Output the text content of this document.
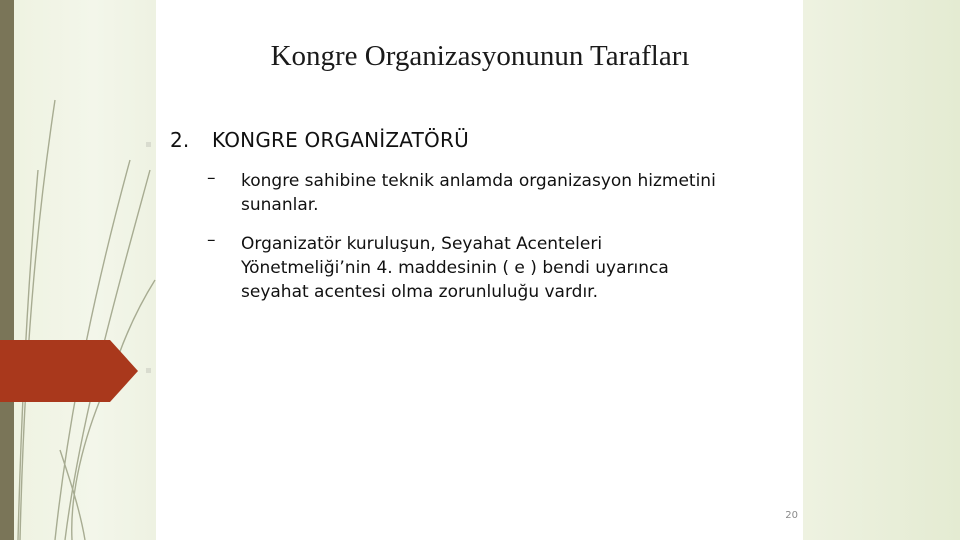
Kongre Organizasyonunun Tarafları
2. KONGRE ORGANİZATÖRÜ
– kongre sahibine teknik anlamda organizasyon hizmetini
sunanlar.
– Organizatör kuruluşun, Seyahat Acenteleri
Yönetmeliği’nin 4. maddesinin ( e ) bendi uyarınca
seyahat acentesi olma zorunluluğu vardır.
20
